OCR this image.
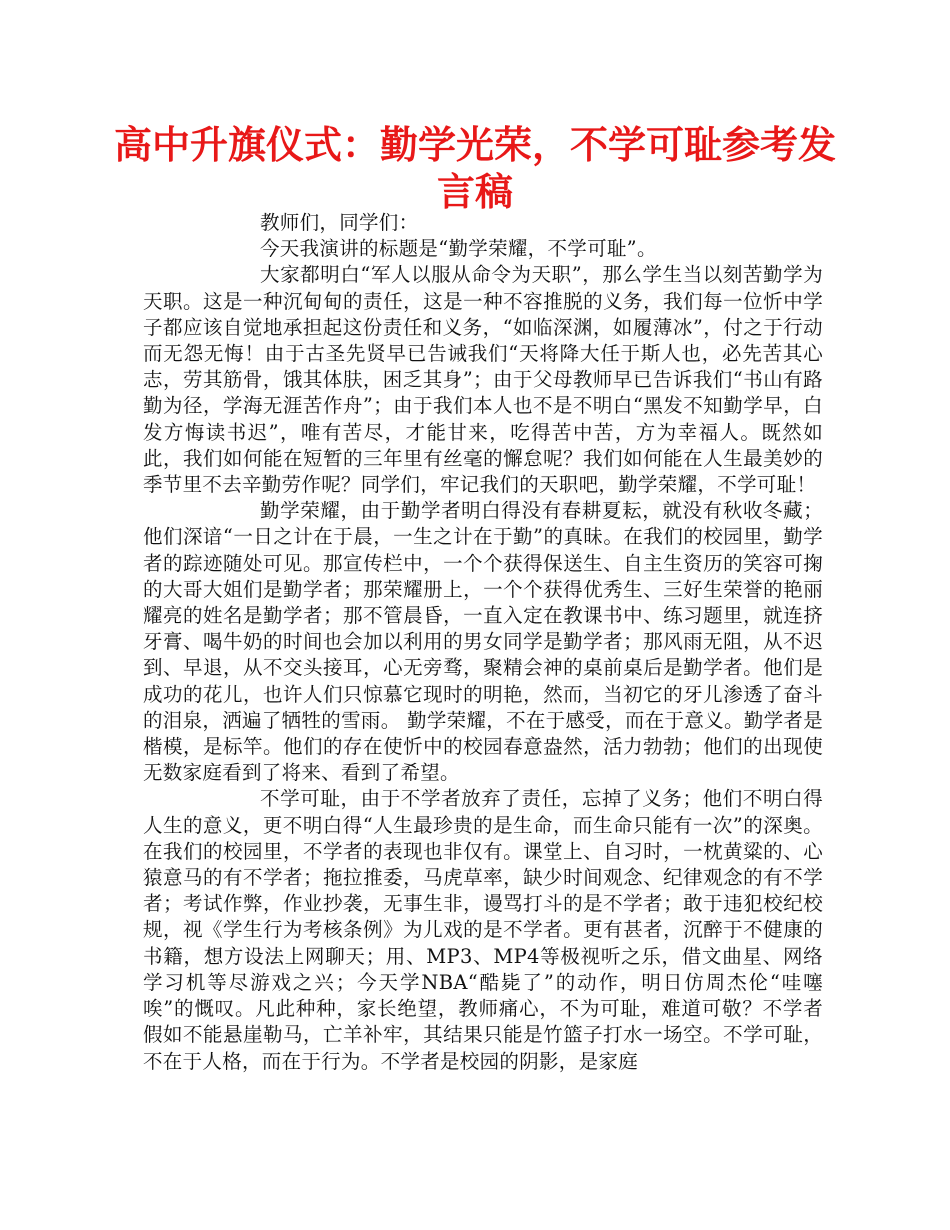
高中升旗仪式：勤学光荣，不学可耻参考发言稿

教师们，同学们：

今天我演讲的标题是“勤学荣耀，不学可耻”。

大家都明白“军人以服从命令为天职”，那么学生当以刻苦勤学为天职。这是一种沉甸甸的责任，这是一种不容推脱的义务，我们每一位忻中学子都应该自觉地承担起这份责任和义务，“如临深渊，如履薄冰”，付之于行动而无怨无悔！由于古圣先贤早已告诫我们“天将降大任于斯人也，必先苦其心志，劳其筋骨，饿其体肤，困乏其身”；由于父母教师早已告诉我们“书山有路勤为径，学海无涯苦作舟”；由于我们本人也不是不明白“黑发不知勤学早，白发方悔读书迟”，唯有苦尽，才能甘来，吃得苦中苦，方为幸福人。既然如此，我们如何能在短暂的三年里有丝毫的懈怠呢？我们如何能在人生最美妙的季节里不去辛勤劳作呢？同学们，牢记我们的天职吧，勤学荣耀，不学可耻！

勤学荣耀，由于勤学者明白得没有春耕夏耘，就没有秋收冬藏；他们深谙“一日之计在于晨，一生之计在于勤”的真昧。在我们的校园里，勤学者的踪迹随处可见。那宣传栏中，一个个获得保送生、自主生资历的笑容可掬的大哥大姐们是勤学者；那荣耀册上，一个个获得优秀生、三好生荣誉的艳丽耀亮的姓名是勤学者；那不管晨昏，一直入定在教课书中、练习题里，就连挤牙膏、喝牛奶的时间也会加以利用的男女同学是勤学者；那风雨无阻，从不迟到、早退，从不交头接耳，心无旁骛，聚精会神的桌前桌后是勤学者。他们是成功的花儿，也许人们只惊慕它现时的明艳，然而，当初它的牙儿渗透了奋斗的泪泉，洒遍了牺牲的雪雨。 勤学荣耀，不在于感受，而在于意义。勤学者是楷模，是标竿。他们的存在使忻中的校园春意盎然，活力勃勃；他们的出现使无数家庭看到了将来、看到了希望。

不学可耻，由于不学者放弃了责任，忘掉了义务；他们不明白得人生的意义，更不明白得“人生最珍贵的是生命，而生命只能有一次”的深奥。在我们的校园里，不学者的表现也非仅有。课堂上、自习时，一枕黄粱的、心猿意马的有不学者；拖拉推委，马虎草率，缺少时间观念、纪律观念的有不学者；考试作弊，作业抄袭，无事生非，谩骂打斗的是不学者；敢于违犯校纪校规，视《学生行为考核条例》为儿戏的是不学者。更有甚者，沉醉于不健康的书籍，想方设法上网聊天；用、MP3、MP4等极视听之乐，借文曲星、网络学习机等尽游戏之兴；今天学NBA“酷毙了”的动作，明日仿周杰伦“哇噻唉”的慨叹。凡此种种，家长绝望，教师痛心，不为可耻，难道可敬？不学者假如不能悬崖勒马，亡羊补牢，其结果只能是竹篮子打水一场空。不学可耻，不在于人格，而在于行为。不学者是校园的阴影，是家庭
